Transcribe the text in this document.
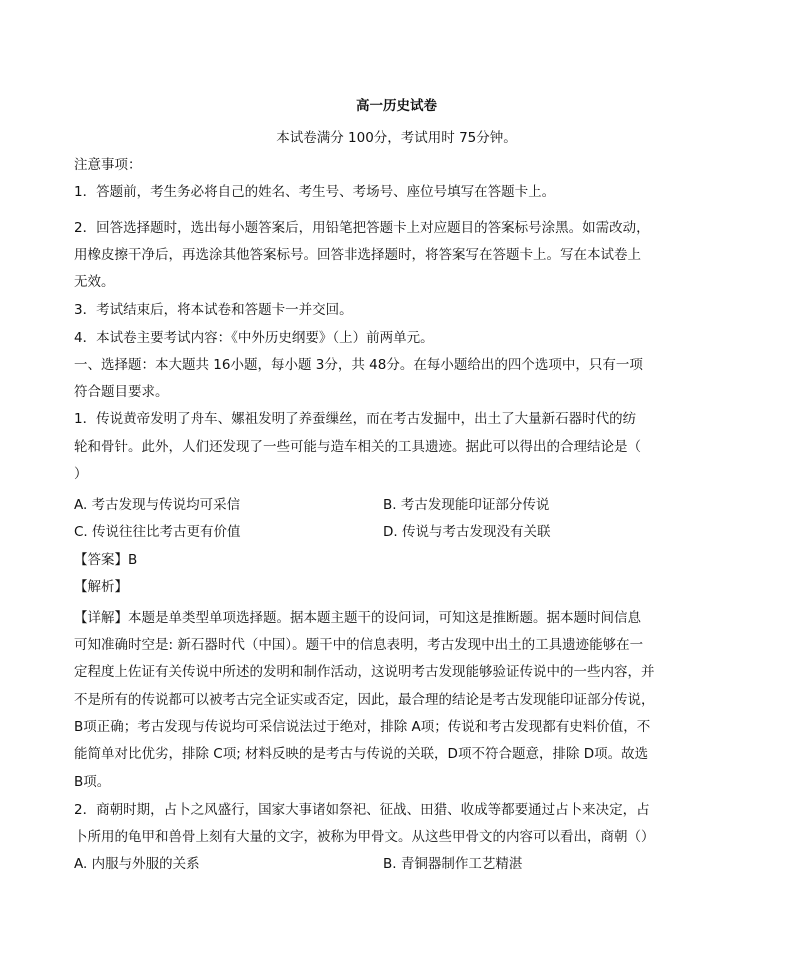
高一历史试卷
本试卷满分 100分，考试用时 75分钟。
注意事项：
1．答题前，考生务必将自己的姓名、考生号、考场号、座位号填写在答题卡上。
2．回答选择题时，选出每小题答案后，用铅笔把答题卡上对应题目的答案标号涂黑。如需改动，
用橡皮擦干净后，再选涂其他答案标号。回答非选择题时，将答案写在答题卡上。写在本试卷上
无效。
3．考试结束后，将本试卷和答题卡一并交回。
4．本试卷主要考试内容：《中外历史纲要》（上）前两单元。
一、选择题：本大题共 16小题，每小题 3分，共 48分。在每小题给出的四个选项中，只有一项
符合题目要求。
1．传说黄帝发明了舟车、嫘祖发明了养蚕缫丝，而在考古发掘中，出土了大量新石器时代的纺
轮和骨针。此外，人们还发现了一些可能与造车相关的工具遗迹。据此可以得出的合理结论是（
）
A. 考古发现与传说均可采信	B. 考古发现能印证部分传说
C. 传说往往比考古更有价值	D. 传说与考古发现没有关联
【答案】B
【解析】
【详解】本题是单类型单项选择题。据本题主题干的设问词，可知这是推断题。据本题时间信息
可知准确时空是: 新石器时代（中国）。题干中的信息表明，考古发现中出土的工具遗迹能够在一
定程度上佐证有关传说中所述的发明和制作活动，这说明考古发现能够验证传说中的一些内容，并
不是所有的传说都可以被考古完全证实或否定，因此，最合理的结论是考古发现能印证部分传说，
B项正确；考古发现与传说均可采信说法过于绝对，排除 A项；传说和考古发现都有史料价值，不
能简单对比优劣，排除 C项; 材料反映的是考古与传说的关联，D项不符合题意，排除 D项。故选
B项。
2．商朝时期，占卜之风盛行，国家大事诸如祭祀、征战、田猎、收成等都要通过占卜来决定，占
卜所用的龟甲和兽骨上刻有大量的文字，被称为甲骨文。从这些甲骨文的内容可以看出，商朝（）
A. 内服与外服的关系	B. 青铜器制作工艺精湛
